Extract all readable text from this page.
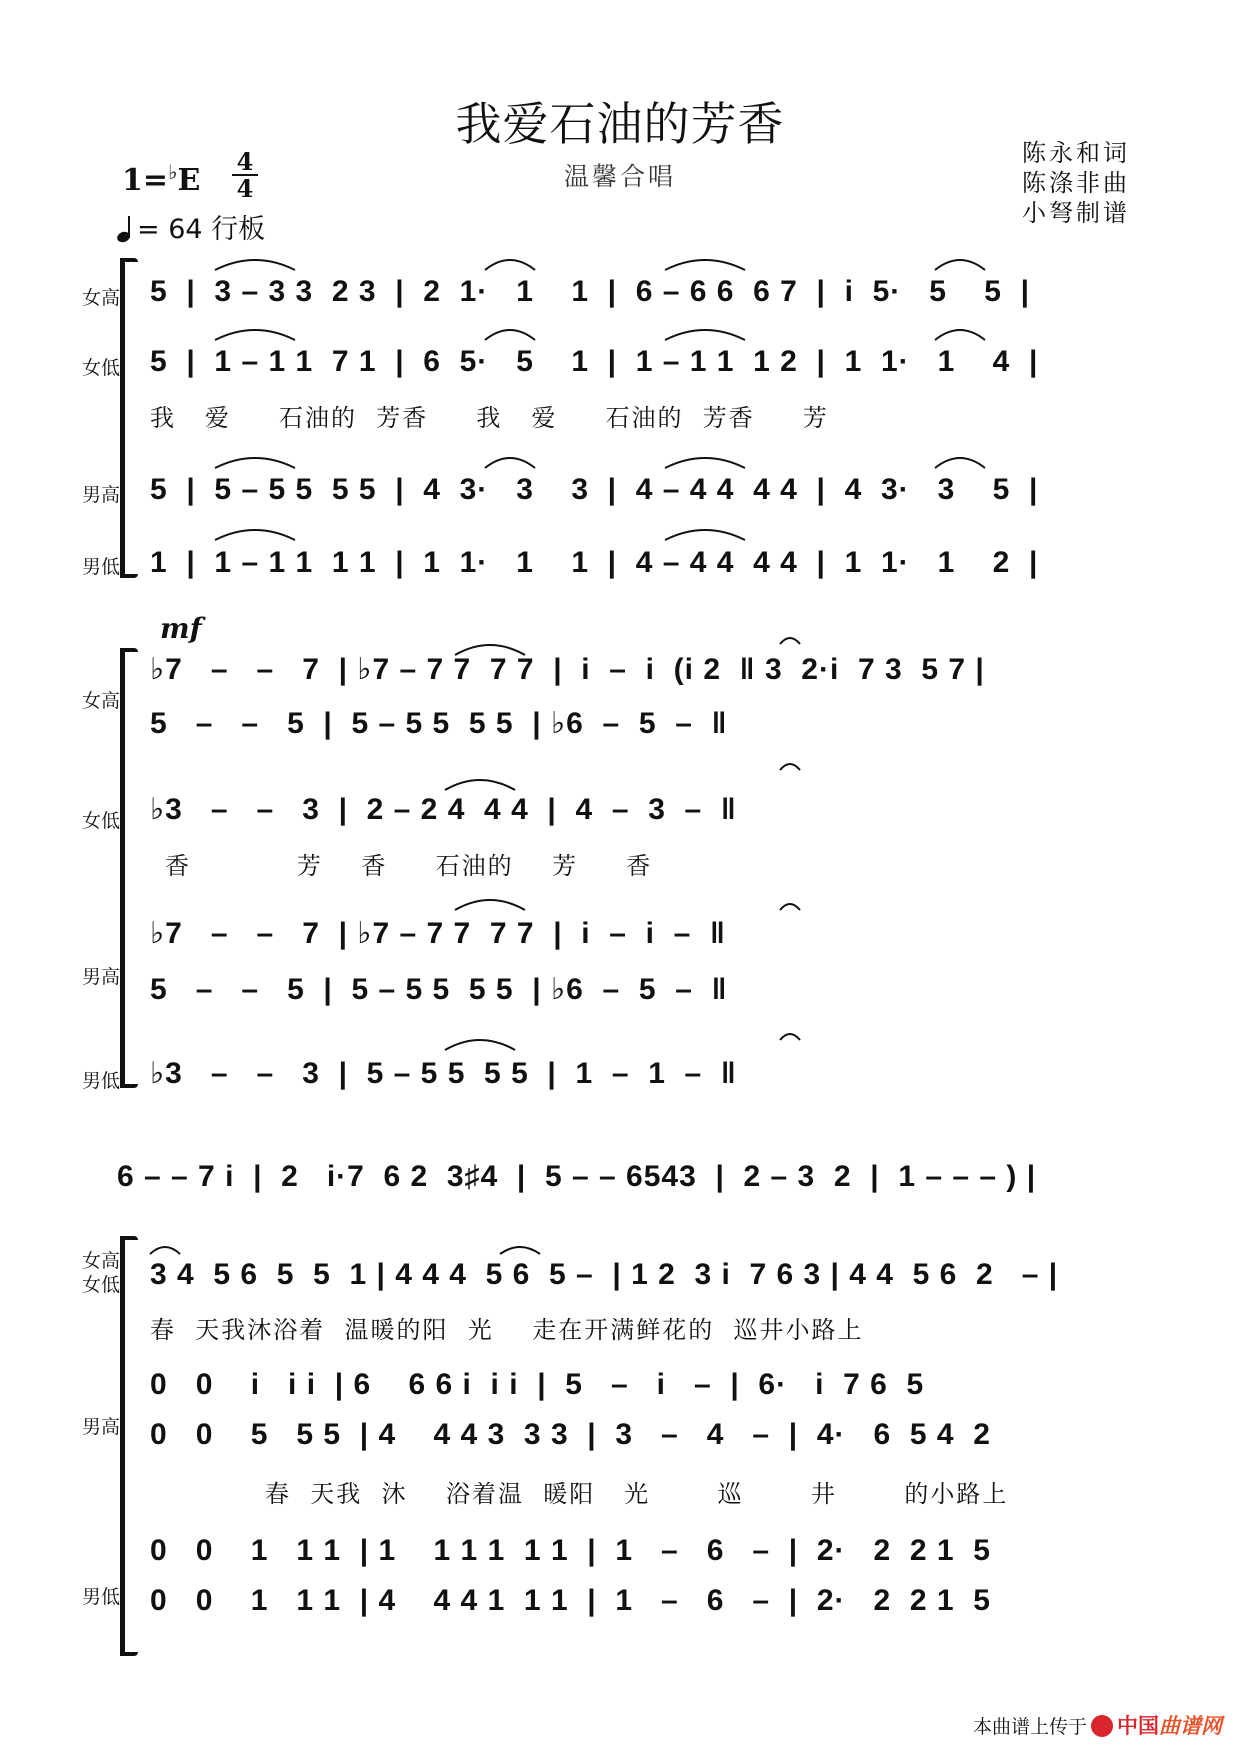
我爱石油的芳香
温馨合唱
陈永和词
陈涤非曲
小弩制谱
1=♭E
4
4
= 64 行板
女高
女低
男高
男低
5  |  3 – 3 3  2 3  |  2  1·   1    1  |  6 – 6 6  6 7  |  i  5·   5    5  |
5  |  1 – 1 1  7 1  |  6  5·   5    1  |  1 – 1 1  1 2  |  1  1·   1    4  |
我   爱     石油的  芳香     我   爱     石油的  芳香     芳
5  |  5 – 5 5  5 5  |  4  3·   3    3  |  4 – 4 4  4 4  |  4  3·   3    5  |
1  |  1 – 1 1  1 1  |  1  1·   1    1  |  4 – 4 4  4 4  |  1  1·   1    2  |
mf
女高
女低
男高
男低
♭7   –   –   7  | ♭7 – 7 7  7 7  |  i  –  i  (i 2  ‖ 3  2·i  7 3  5 7 |
5   –   –   5  |  5 – 5 5  5 5  | ♭6  –  5  –  ‖
♭3   –   –   3  |  2 – 2 4  4 4  |  4  –  3  –  ‖
香           芳    香     石油的    芳     香
♭7   –   –   7  | ♭7 – 7 7  7 7  |  i  –  i  –  ‖
5   –   –   5  |  5 – 5 5  5 5  | ♭6  –  5  –  ‖
♭3   –   –   3  |  5 – 5 5  5 5  |  1  –  1  –  ‖
6 – – 7 i  |  2   i·7  6 2  3♯4  |  5 – – 6543  |  2 – 3  2  |  1 – – – ) |
女高
女低
男高
男低
3 4  5 6  5  5  1 | 4 4 4  5 6  5 –  | 1 2  3 i  7 6 3 | 4 4  5 6  2   – |
春  天我沐浴着  温暖的阳  光    走在开满鲜花的  巡井小路上
0   0    i   i i  | 6    6 6 i  i i  |  5   –   i   –  |  6·   i  7 6  5
0   0    5   5 5  | 4    4 4 3  3 3  |  3   –   4   –  |  4·   6  5 4  2
春  天我  沐    浴着温  暖阳   光       巡       井       的小路上
0   0    1   1 1  | 1    1 1 1  1 1  |  1   –   6   –  |  2·   2  2 1  5
0   0    1   1 1  | 4    4 4 1  1 1  |  1   –   6   –  |  2·   2  2 1  5
本曲谱上传于 中国曲谱网
